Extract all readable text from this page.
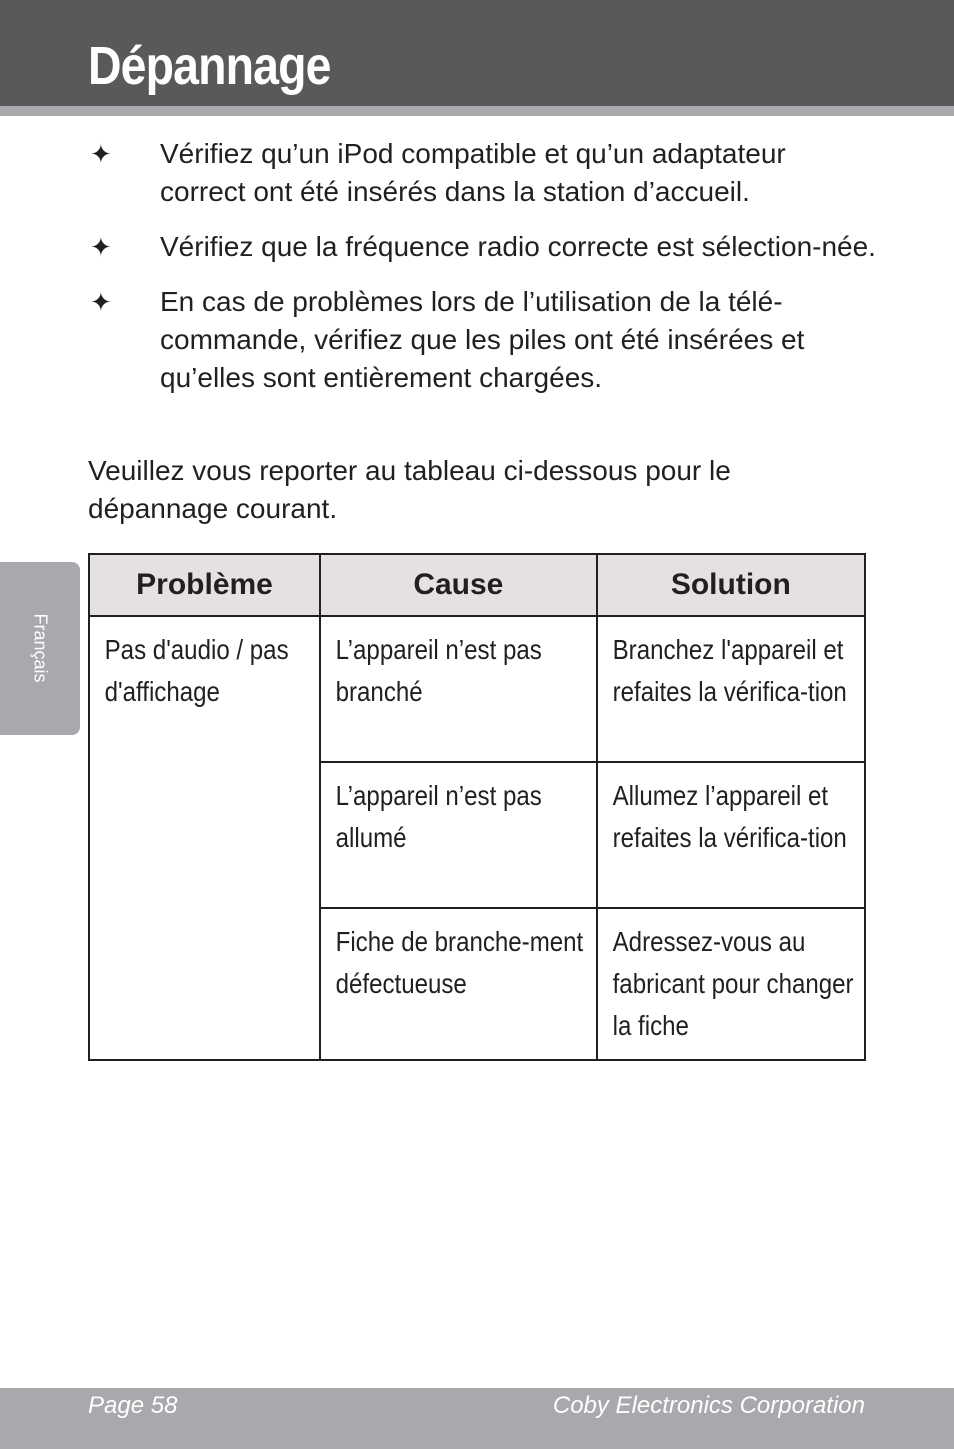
Dépannage
Français
✦ Vérifiez qu’un iPod compatible et qu’un adaptateur correct ont été insérés dans la station d’accueil.
✦ Vérifiez que la fréquence radio correcte est sélection-née.
✦ En cas de problèmes lors de l’utilisation de la télé-commande, vérifiez que les piles ont été insérées et qu’elles sont entièrement chargées.

Veuillez vous reporter au tableau ci-dessous pour le dépannage courant.

Problème	Cause	Solution

Pas d'audio / pas d'affichage	L’appareil n’est pas branché	Branchez l'appareil et refaites la vérifica-tion

	L’appareil n’est pas allumé	Allumez l’appareil et refaites la vérifica-tion

	Fiche de branche-ment défectueuse	Adressez-vous au fabricant pour changer la fiche
Page 58	Coby Electronics Corporation
